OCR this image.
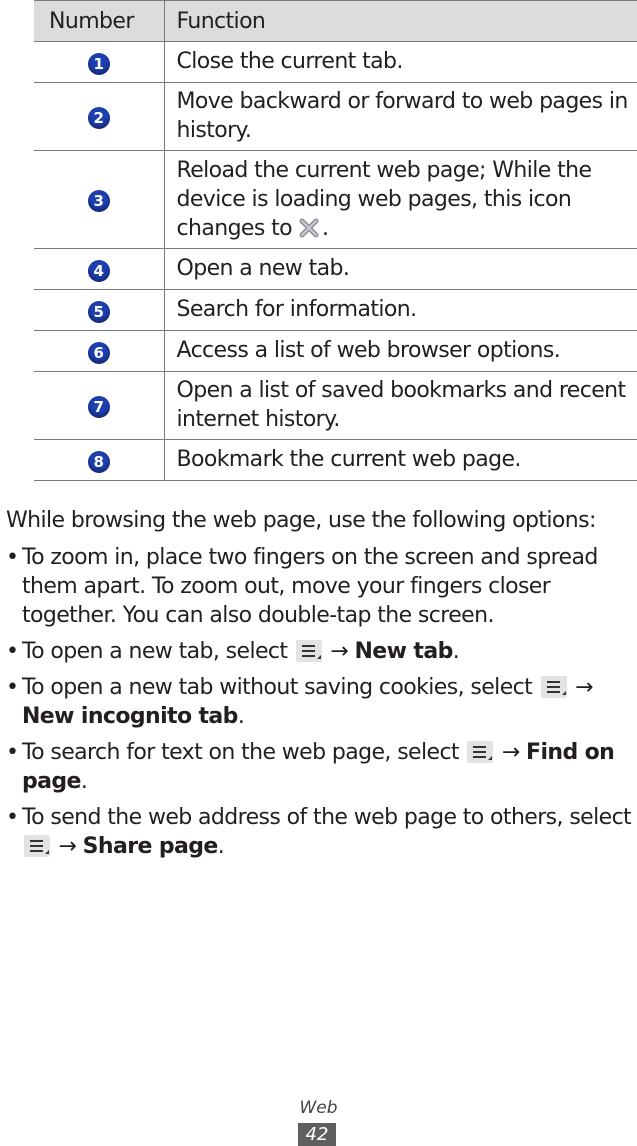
Number	Function
1	Close the current tab.
2	Move backward or forward to web pages in history.
3	Reload the current web page; While the device is loading web pages, this icon changes to .
4	Open a new tab.
5	Search for information.
6	Access a list of web browser options.
7	Open a list of saved bookmarks and recent internet history.
8	Bookmark the current web page.

While browsing the web page, use the following options:

• To zoom in, place two fingers on the screen and spread them apart. To zoom out, move your fingers closer together. You can also double-tap the screen.
• To open a new tab, select → New tab.
• To open a new tab without saving cookies, select → New incognito tab.
• To search for text on the web page, select → Find on page.
• To send the web address of the web page to others, select  → Share page.
Web
42
